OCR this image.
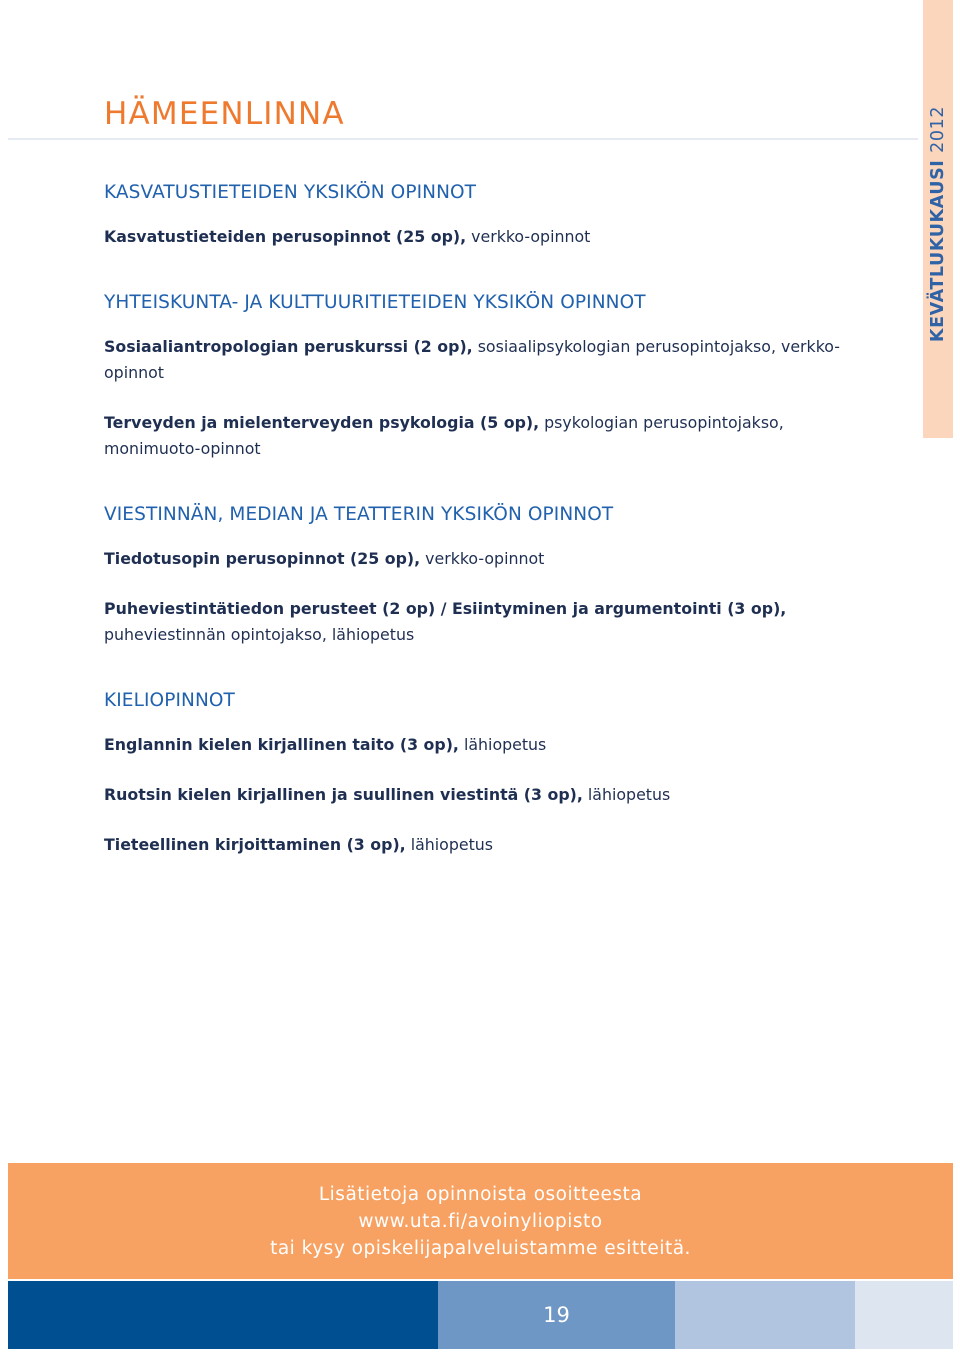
KEVÄTLUKUKAUSI 2012
HÄMEENLINNA
KASVATUSTIETEIDEN YKSIKÖN OPINNOT

Kasvatustieteiden perusopinnot (25 op), verkko-opinnot

YHTEISKUNTA- JA KULTTUURITIETEIDEN YKSIKÖN OPINNOT

Sosiaaliantropologian peruskurssi (2 op), sosiaalipsykologian perusopintojakso, verkko-opinnot

Terveyden ja mielenterveyden psykologia (5 op), psykologian perusopintojakso, monimuoto-opinnot

VIESTINNÄN, MEDIAN JA TEATTERIN YKSIKÖN OPINNOT

Tiedotusopin perusopinnot (25 op), verkko-opinnot

Puheviestintätiedon perusteet (2 op) / Esiintyminen ja argumentointi (3 op), puheviestinnän opintojakso, lähiopetus

KIELIOPINNOT

Englannin kielen kirjallinen taito (3 op), lähiopetus

Ruotsin kielen kirjallinen ja suullinen viestintä (3 op), lähiopetus

Tieteellinen kirjoittaminen (3 op), lähiopetus

Lisätietoja opinnoista osoitteesta
www.uta.fi/avoinyliopisto
tai kysy opiskelijapalveluistamme esitteitä.
19
